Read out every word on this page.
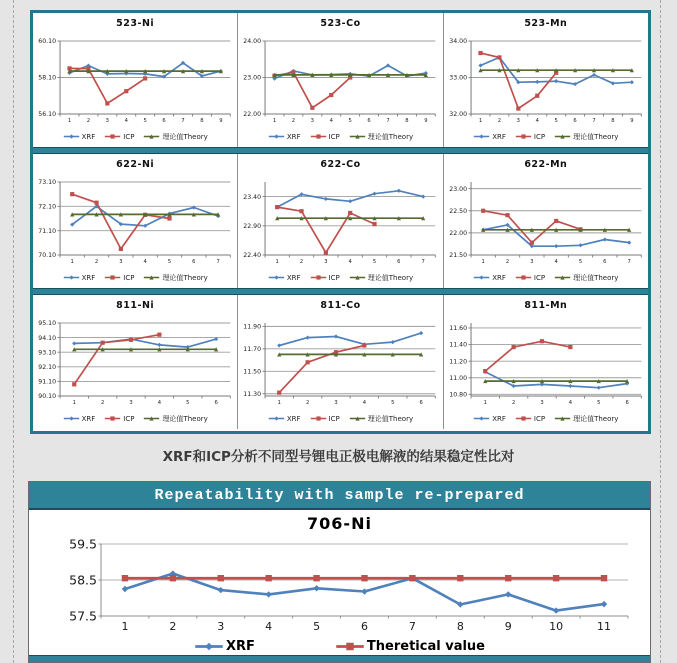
523-Ni
56.10
58.10
60.10
1	2	3	4	5	6	7	8	9
XRF	ICP	理论值Theory
523-Co
22.00
23.00
24.00
1	2	3	4	5	6	7	8	9
XRF	ICP	理论值Theory
523-Mn
32.00
33.00
34.00
1	2	3	4	5	6	7	8	9
XRF	ICP	理论值Theory
622-Ni
70.10
71.10
72.10
73.10
1	2	3	4	5	6	7
XRF	ICP	理论值Theory
622-Co
22.40
22.90
23.40
1	2	3	4	5	6	7
XRF	ICP	理论值Theory
622-Mn
21.50
22.00
22.50
23.00
1	2	3	4	5	6	7
XRF	ICP	理论值Theory
811-Ni
90.10
91.10
92.10
93.10
94.10
95.10
1	2	3	4	5	6
XRF	ICP	理论值Theory
811-Co
11.30
11.50
11.70
11.90
1	2	3	4	5	6
XRF	ICP	理论值Theory
811-Mn
10.80
11.00
11.20
11.40
11.60
1	2	3	4	5	6
XRF	ICP	理论值Theory
XRF和ICP分析不同型号锂电正极电解液的结果稳定性比对
Repeatability with sample re-prepared
706-Ni
57.5
58.5
59.5
1	2	3	4	5	6	7	8	9	10	11
XRF	Theretical value
